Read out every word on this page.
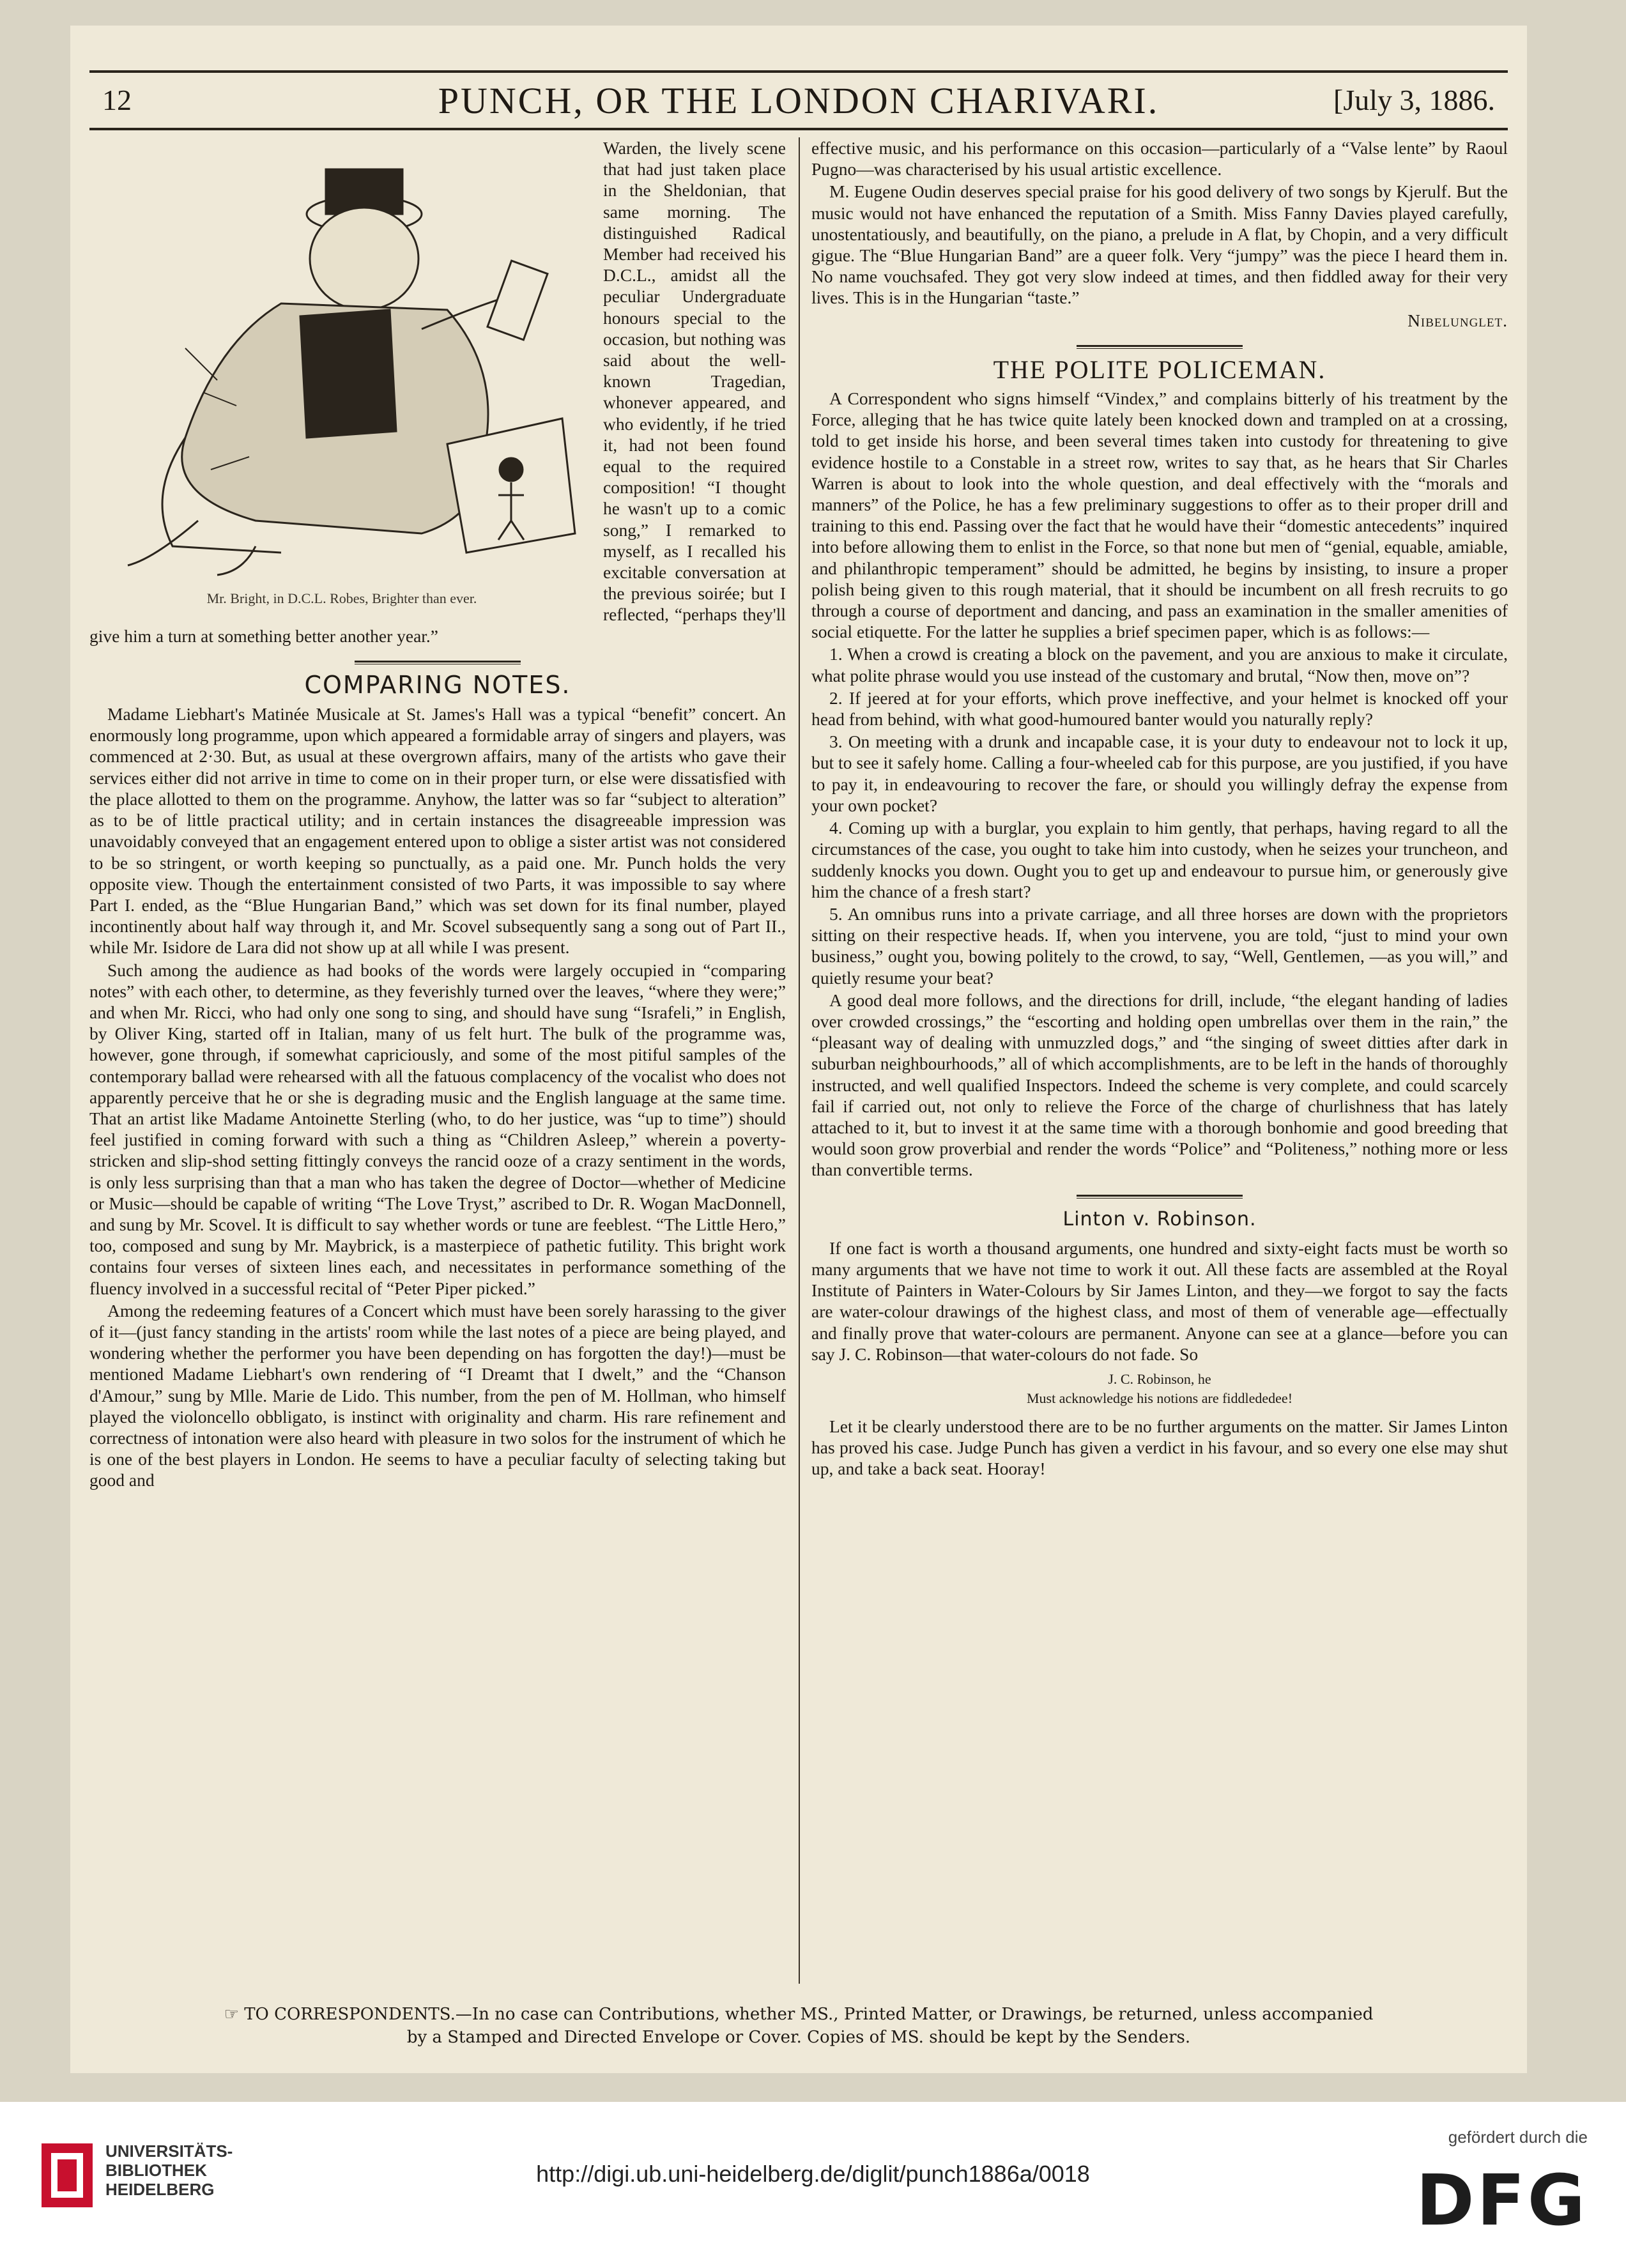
12	PUNCH, OR THE LONDON CHARIVARI.	[July 3, 1886.
Mr. Bright, in D.C.L. Robes, Brighter than ever.

Warden, the lively scene that had just taken place in the Sheldonian, that same morning. The distinguished Radical Member had received his D.C.L., amidst all the peculiar Undergraduate honours special to the occasion, but nothing was said about the well-known Tragedian, whonever appeared, and who evidently, if he tried it, had not been found equal to the required composition! “I thought he wasn't up to a comic song,” I remarked to myself, as I recalled his excitable conversation at the previous soirée; but I reflected, “perhaps they'll give him a turn at something better another year.”

COMPARING NOTES.

Madame Liebhart's Matinée Musicale at St. James's Hall was a typical “benefit” concert. An enormously long programme, upon which appeared a formidable array of singers and players, was commenced at 2·30. But, as usual at these overgrown affairs, many of the artists who gave their services either did not arrive in time to come on in their proper turn, or else were dissatisfied with the place allotted to them on the programme. Anyhow, the latter was so far “subject to alteration” as to be of little practical utility; and in certain instances the disagreeable impression was unavoidably conveyed that an engagement entered upon to oblige a sister artist was not considered to be so stringent, or worth keeping so punctually, as a paid one. Mr. Punch holds the very opposite view. Though the entertainment consisted of two Parts, it was impossible to say where Part I. ended, as the “Blue Hungarian Band,” which was set down for its final number, played incontinently about half way through it, and Mr. Scovel subsequently sang a song out of Part II., while Mr. Isidore de Lara did not show up at all while I was present.

Such among the audience as had books of the words were largely occupied in “comparing notes” with each other, to determine, as they feverishly turned over the leaves, “where they were;” and when Mr. Ricci, who had only one song to sing, and should have sung “Israfeli,” in English, by Oliver King, started off in Italian, many of us felt hurt. The bulk of the programme was, however, gone through, if somewhat capriciously, and some of the most pitiful samples of the contemporary ballad were rehearsed with all the fatuous complacency of the vocalist who does not apparently perceive that he or she is degrading music and the English language at the same time. That an artist like Madame Antoinette Sterling (who, to do her justice, was “up to time”) should feel justified in coming forward with such a thing as “Children Asleep,” wherein a poverty-stricken and slip-shod setting fittingly conveys the rancid ooze of a crazy sentiment in the words, is only less surprising than that a man who has taken the degree of Doctor—whether of Medicine or Music—should be capable of writing “The Love Tryst,” ascribed to Dr. R. Wogan MacDonnell, and sung by Mr. Scovel. It is difficult to say whether words or tune are feeblest. “The Little Hero,” too, composed and sung by Mr. Maybrick, is a masterpiece of pathetic futility. This bright work contains four verses of sixteen lines each, and necessitates in performance something of the fluency involved in a successful recital of “Peter Piper picked.”

Among the redeeming features of a Concert which must have been sorely harassing to the giver of it—(just fancy standing in the artists' room while the last notes of a piece are being played, and wondering whether the performer you have been depending on has forgotten the day!)—must be mentioned Madame Liebhart's own rendering of “I Dreamt that I dwelt,” and the “Chanson d'Amour,” sung by Mlle. Marie de Lido. This number, from the pen of M. Hollman, who himself played the violoncello obbligato, is instinct with originality and charm. His rare refinement and correctness of intonation were also heard with pleasure in two solos for the instrument of which he is one of the best players in London. He seems to have a peculiar faculty of selecting taking but good and

effective music, and his performance on this occasion—particularly of a “Valse lente” by Raoul Pugno—was characterised by his usual artistic excellence.

M. Eugene Oudin deserves special praise for his good delivery of two songs by Kjerulf. But the music would not have enhanced the reputation of a Smith. Miss Fanny Davies played carefully, unostentatiously, and beautifully, on the piano, a prelude in A flat, by Chopin, and a very difficult gigue. The “Blue Hungarian Band” are a queer folk. Very “jumpy” was the piece I heard them in. No name vouchsafed. They got very slow indeed at times, and then fiddled away for their very lives. This is in the Hungarian “taste.”

Nibelunglet.
THE POLITE POLICEMAN.

A Correspondent who signs himself “Vindex,” and complains bitterly of his treatment by the Force, alleging that he has twice quite lately been knocked down and trampled on at a crossing, told to get inside his horse, and been several times taken into custody for threatening to give evidence hostile to a Constable in a street row, writes to say that, as he hears that Sir Charles Warren is about to look into the whole question, and deal effectively with the “morals and manners” of the Police, he has a few preliminary suggestions to offer as to their proper drill and training to this end. Passing over the fact that he would have their “domestic antecedents” inquired into before allowing them to enlist in the Force, so that none but men of “genial, equable, amiable, and philanthropic temperament” should be admitted, he begins by insisting, to insure a proper polish being given to this rough material, that it should be incumbent on all fresh recruits to go through a course of deportment and dancing, and pass an examination in the smaller amenities of social etiquette. For the latter he supplies a brief specimen paper, which is as follows:—

1. When a crowd is creating a block on the pavement, and you are anxious to make it circulate, what polite phrase would you use instead of the customary and brutal, “Now then, move on”?

2. If jeered at for your efforts, which prove ineffective, and your helmet is knocked off your head from behind, with what good-humoured banter would you naturally reply?

3. On meeting with a drunk and incapable case, it is your duty to endeavour not to lock it up, but to see it safely home. Calling a four-wheeled cab for this purpose, are you justified, if you have to pay it, in endeavouring to recover the fare, or should you willingly defray the expense from your own pocket?

4. Coming up with a burglar, you explain to him gently, that perhaps, having regard to all the circumstances of the case, you ought to take him into custody, when he seizes your truncheon, and suddenly knocks you down. Ought you to get up and endeavour to pursue him, or generously give him the chance of a fresh start?

5. An omnibus runs into a private carriage, and all three horses are down with the proprietors sitting on their respective heads. If, when you intervene, you are told, “just to mind your own business,” ought you, bowing politely to the crowd, to say, “Well, Gentlemen, —as you will,” and quietly resume your beat?

A good deal more follows, and the directions for drill, include, “the elegant handing of ladies over crowded crossings,” the “escorting and holding open umbrellas over them in the rain,” the “pleasant way of dealing with unmuzzled dogs,” and “the singing of sweet ditties after dark in suburban neighbourhoods,” all of which accomplishments, are to be left in the hands of thoroughly instructed, and well qualified Inspectors. Indeed the scheme is very complete, and could scarcely fail if carried out, not only to relieve the Force of the charge of churlishness that has lately attached to it, but to invest it at the same time with a thorough bonhomie and good breeding that would soon grow proverbial and render the words “Police” and “Politeness,” nothing more or less than convertible terms.

Linton v. Robinson.

If one fact is worth a thousand arguments, one hundred and sixty-eight facts must be worth so many arguments that we have not time to work it out. All these facts are assembled at the Royal Institute of Painters in Water-Colours by Sir James Linton, and they—we forgot to say the facts are water-colour drawings of the highest class, and most of them of venerable age—effectually and finally prove that water-colours are permanent. Anyone can see at a glance—before you can say J. C. Robinson—that water-colours do not fade. So

J. C. Robinson, he
Must acknowledge his notions are fiddlededee!

Let it be clearly understood there are to be no further arguments on the matter. Sir James Linton has proved his case. Judge Punch has given a verdict in his favour, and so every one else may shut up, and take a back seat. Hooray!

☞ TO CORRESPONDENTS.—In no case can Contributions, whether MS., Printed Matter, or Drawings, be returned, unless accompanied
by a Stamped and Directed Envelope or Cover. Copies of MS. should be kept by the Senders.
UNIVERSITÄTS-
BIBLIOTHEK
HEIDELBERG
http://digi.ub.uni-heidelberg.de/diglit/punch1886a/0018
gefördert durch die
DFG
